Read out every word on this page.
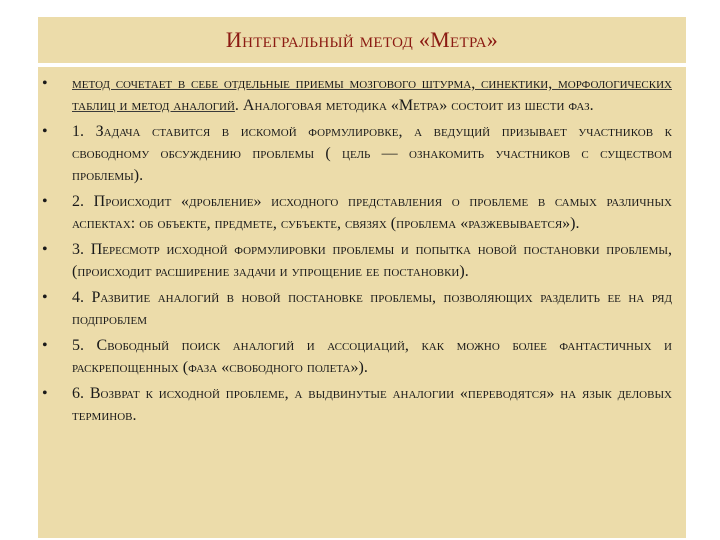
Интегральный метод «Метра»
• метод сочетает в себе отдельные приемы мозгового штурма, синектики, морфологических таблиц и метод аналогий. Аналоговая методика «Метра» состоит из шести фаз.
• 1. Задача ставится в искомой формулировке, а ведущий призывает участников к свободному обсуждению проблемы ( цель — ознакомить участников с существом проблемы).
• 2. Происходит «дробление» исходного представления о проблеме в самых различных аспектах: об объекте, предмете, субъекте, связях (проблема «разжевывается»).
• 3. Пересмотр исходной формулировки проблемы и попытка новой постановки проблемы, (происходит расширение задачи и упрощение ее постановки).
• 4. Развитие аналогий в новой постановке проблемы, позволяющих разделить ее на ряд подпроблем
• 5. Свободный поиск аналогий и ассоциаций, как можно более фантастичных и раскрепощенных (фаза «свободного полета»).
• 6. Возврат к исходной проблеме, а выдвинутые аналогии «переводятся» на язык деловых терминов.
